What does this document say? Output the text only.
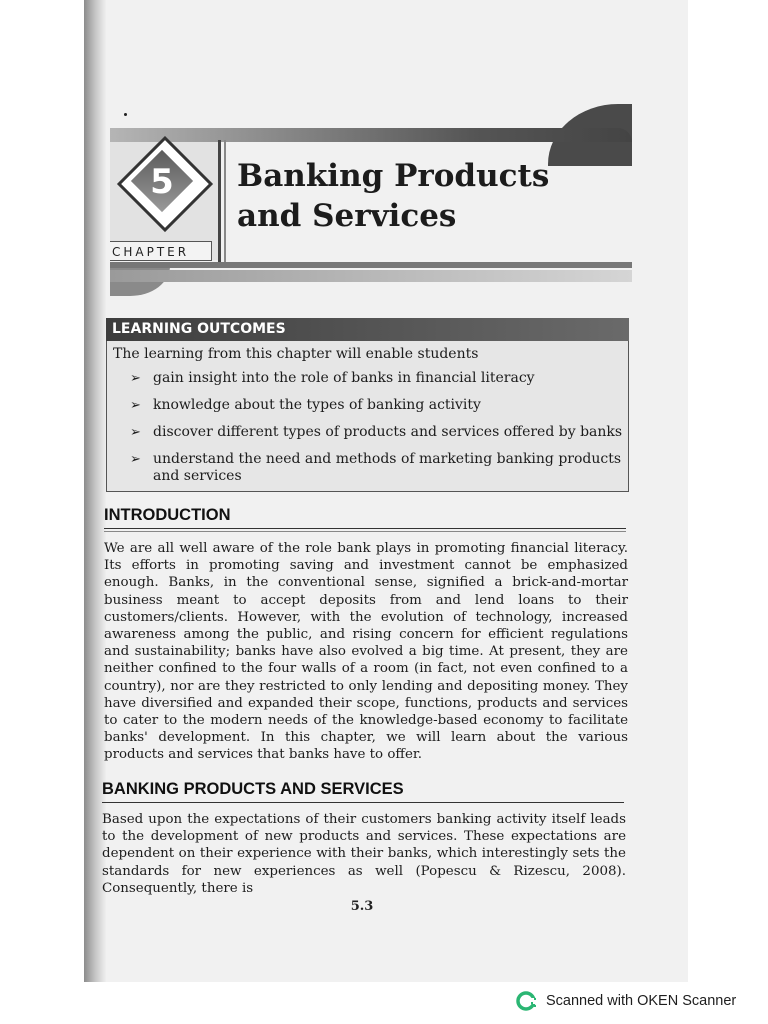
5
CHAPTER
Banking Products
and Services
LEARNING OUTCOMES

The learning from this chapter will enable students

➢ gain insight into the role of banks in financial literacy
➢ knowledge about the types of banking activity
➢ discover different types of products and services offered by banks
➢ understand the need and methods of marketing banking products and services
INTRODUCTION

We are all well aware of the role bank plays in promoting financial literacy. Its efforts in promoting saving and investment cannot be emphasized enough. Banks, in the conventional sense, signified a brick-and-mortar business meant to accept deposits from and lend loans to their customers/clients. However, with the evolution of technology, increased awareness among the public, and rising concern for efficient regulations and sustainability; banks have also evolved a big time. At present, they are neither confined to the four walls of a room (in fact, not even confined to a country), nor are they restricted to only lending and depositing money. They have diversified and expanded their scope, functions, products and services to cater to the modern needs of the knowledge-based economy to facilitate banks' development. In this chapter, we will learn about the various products and services that banks have to offer.

BANKING PRODUCTS AND SERVICES

Based upon the expectations of their customers banking activity itself leads to the development of new products and services. These expectations are dependent on their experience with their banks, which interestingly sets the standards for new experiences as well (Popescu & Rizescu, 2008). Consequently, there is

5.3
Scanned with OKEN Scanner
